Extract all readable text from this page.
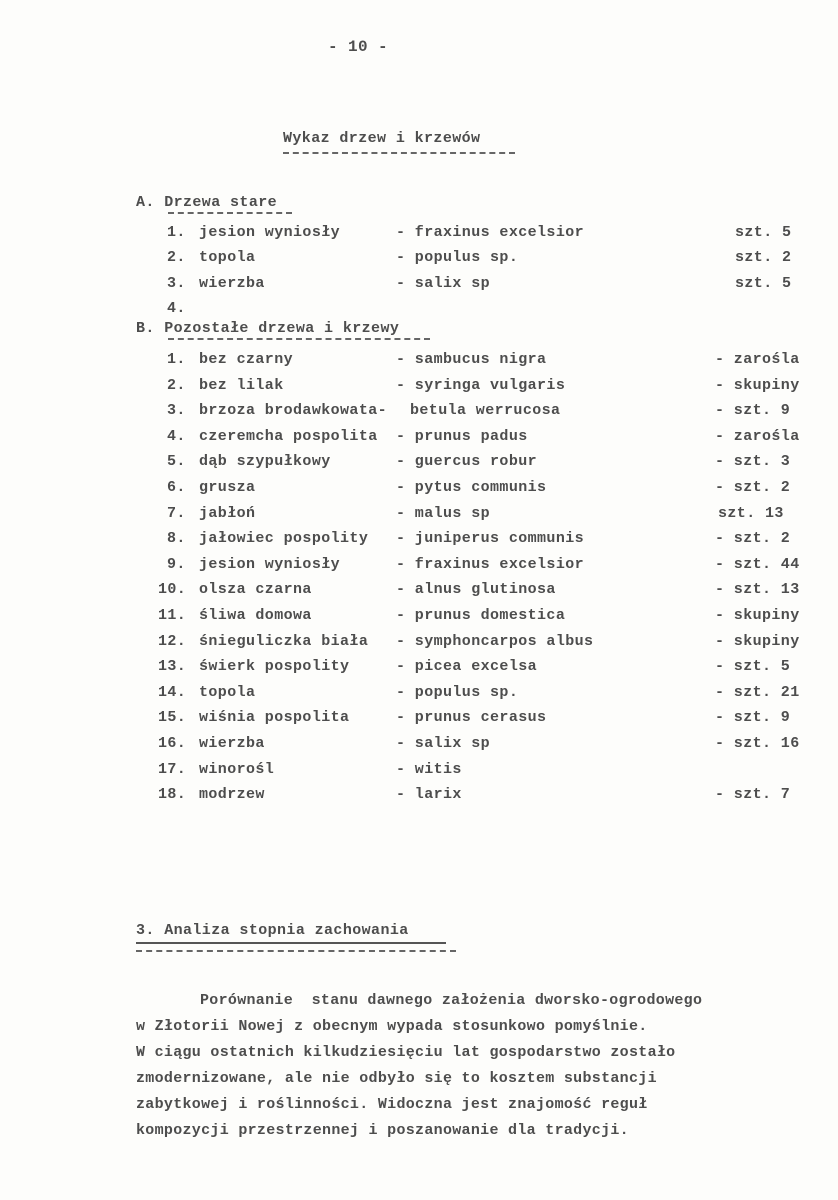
- 10 -
Wykaz drzew i krzewów
A. Drzewa stare
1. jesion wyniosły	- fraxinus excelsior	szt. 5
2. topola	- populus sp.	szt. 2
3. wierzba	- salix sp	szt. 5
4.
B. Pozostałe drzewa i krzewy
1. bez czarny	- sambucus nigra	- zarośla
2. bez lilak	- syringa vulgaris	- skupiny
3. brzoza brodawkowata- betula werrucosa	- szt. 9
4. czeremcha pospolita - prunus padus	- zarośla
5. dąb szypułkowy	- guercus robur	- szt. 3
6. grusza	- pytus communis	- szt. 2
7. jabłoń	- malus sp	szt. 13
8. jałowiec pospolity - juniperus communis	- szt. 2
9. jesion wyniosły	- fraxinus excelsior	- szt. 44
10. olsza czarna	- alnus glutinosa	- szt. 13
11. śliwa domowa	- prunus domestica	- skupiny
12. śnieguliczka biała - symphoncarpos albus	- skupiny
13. świerk pospolity	- picea excelsa	- szt. 5
14. topola	- populus sp.	- szt. 21
15. wiśnia pospolita	- prunus cerasus	- szt. 9
16. wierzba	- salix sp	- szt. 16
17. winorośl	- witis
18. modrzew	- larix	- szt. 7
3. Analiza stopnia zachowania
Porównanie  stanu dawnego założenia dworsko-ogrodowego
w Złotorii Nowej z obecnym wypada stosunkowo pomyślnie.
W ciągu ostatnich kilkudziesięciu lat gospodarstwo zostało
zmodernizowane, ale nie odbyło się to kosztem substancji
zabytkowej i roślinności. Widoczna jest znajomość reguł
kompozycji przestrzennej i poszanowanie dla tradycji.
